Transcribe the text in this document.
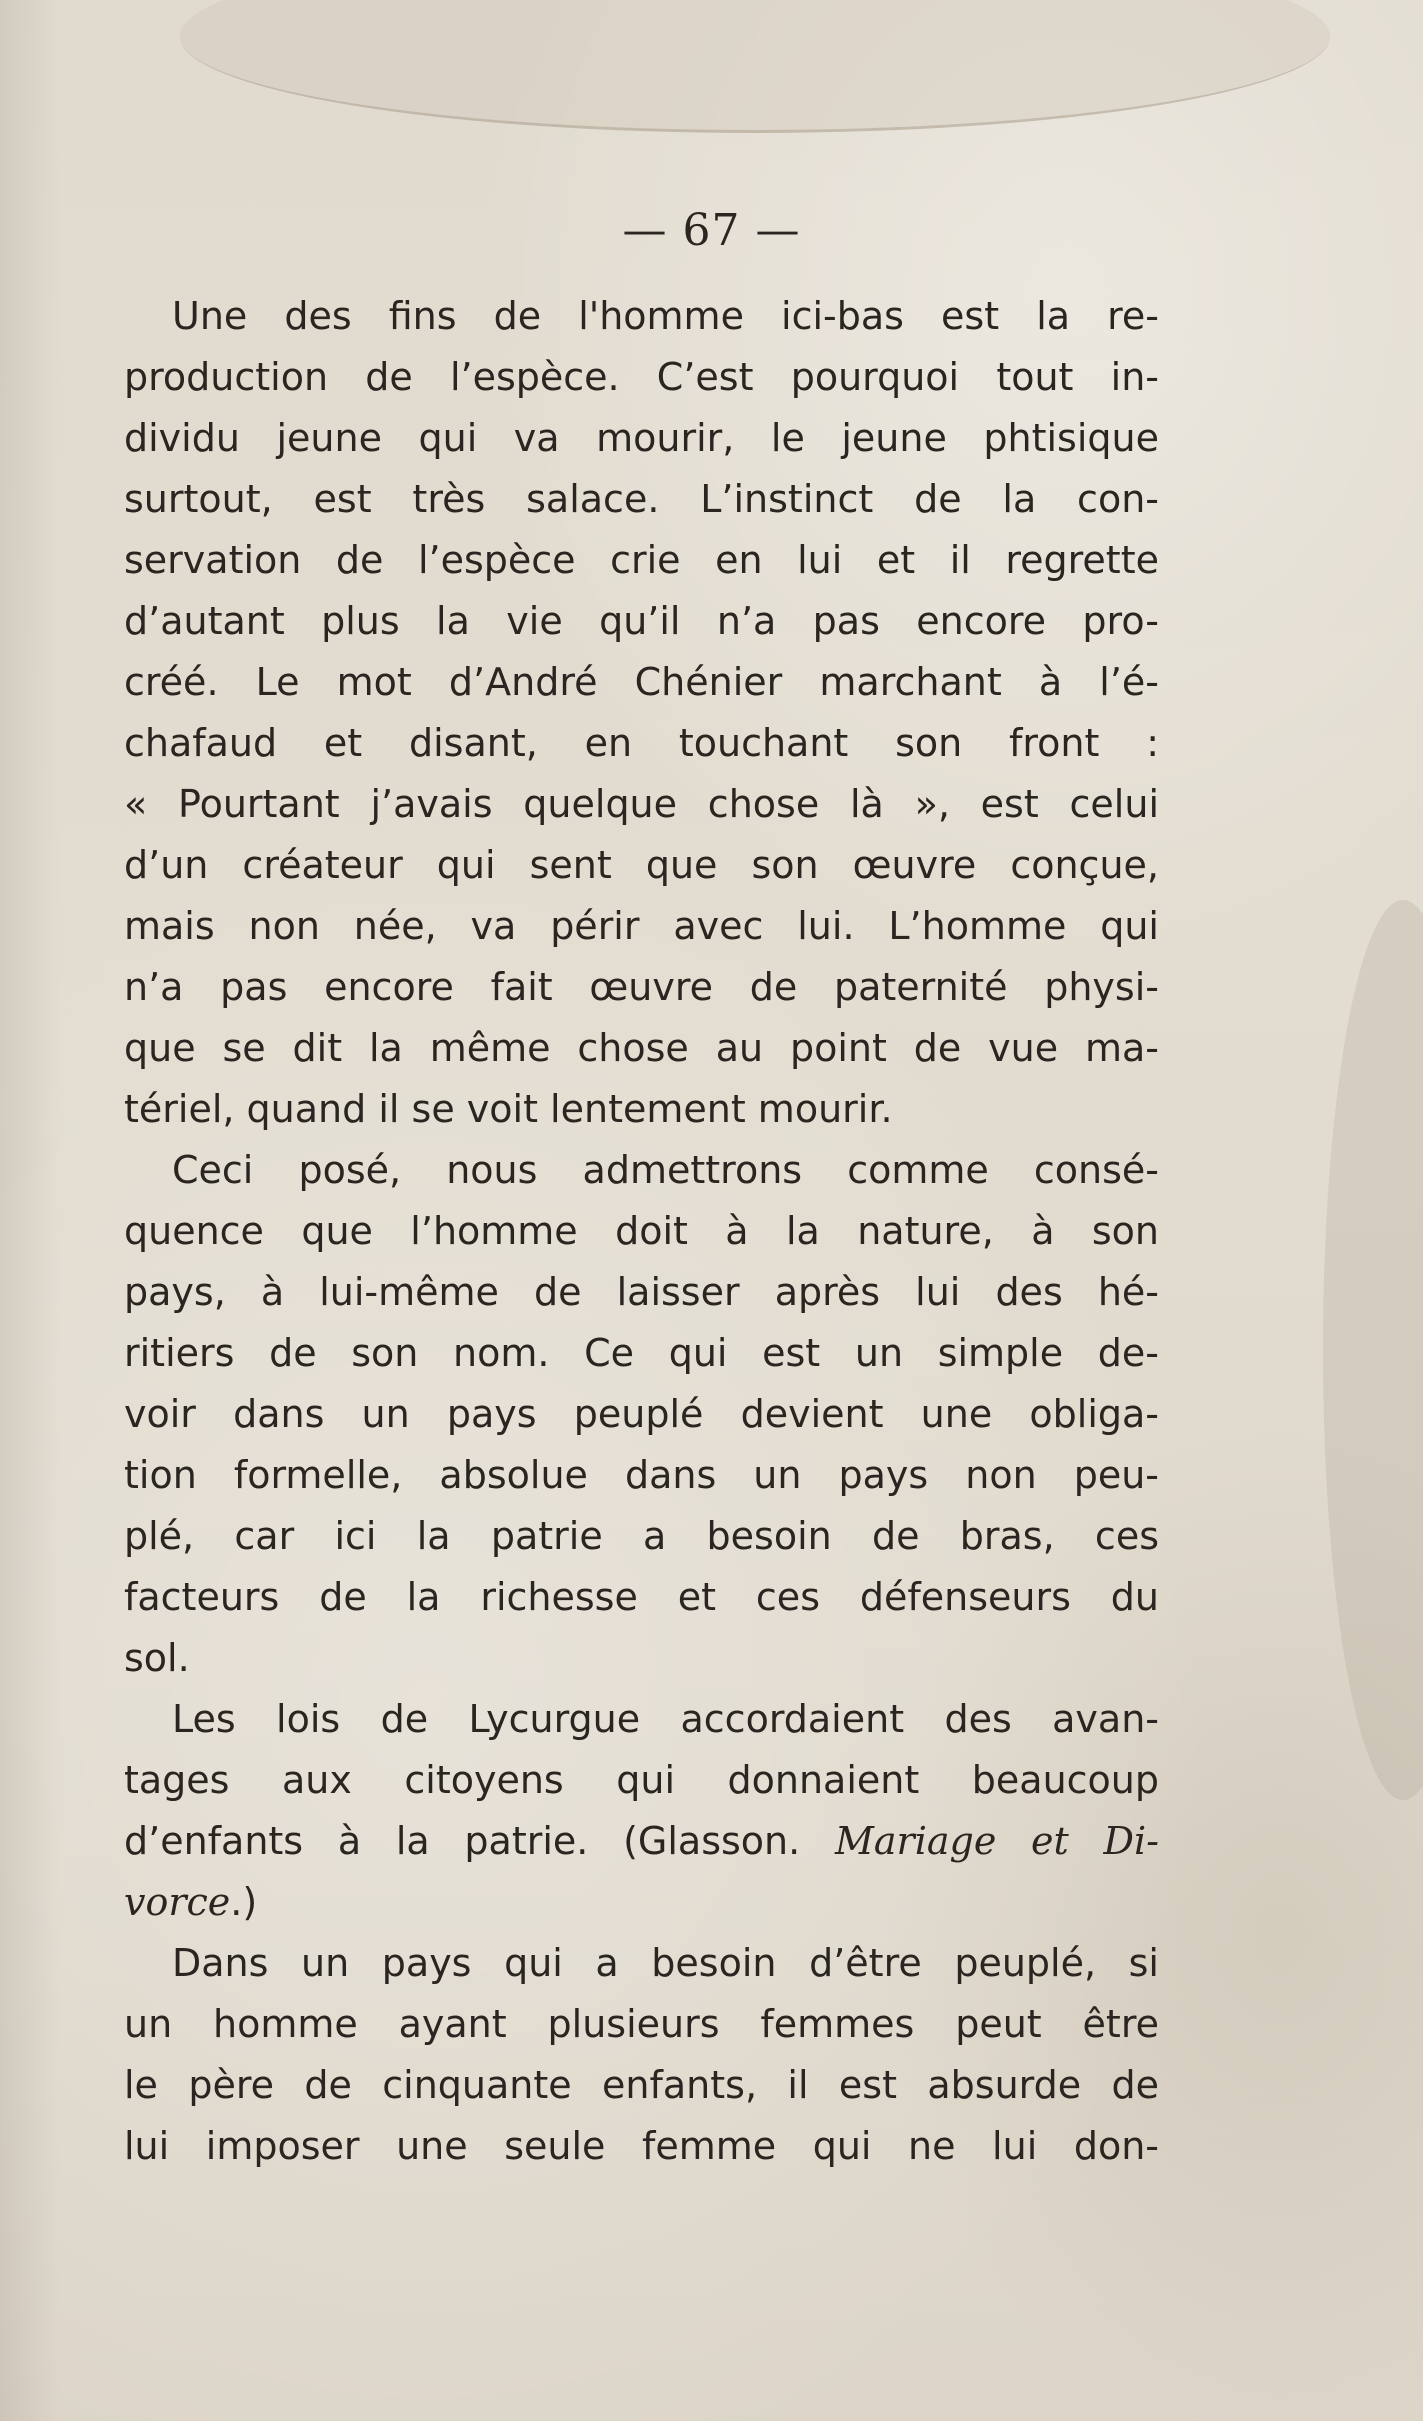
— 67 —
Une des fins de l'homme ici-bas est la re-
production de l’espèce. C’est pourquoi tout in-
dividu jeune qui va mourir, le jeune phtisique
surtout, est très salace. L’instinct de la con-
servation de l’espèce crie en lui et il regrette
d’autant plus la vie qu’il n’a pas encore pro-
créé. Le mot d’André Chénier marchant à l’é-
chafaud et disant, en touchant son front :
« Pourtant j’avais quelque chose là », est celui
d’un créateur qui sent que son œuvre conçue,
mais non née, va périr avec lui. L’homme qui
n’a pas encore fait œuvre de paternité physi-
que se dit la même chose au point de vue ma-
tériel, quand il se voit lentement mourir.
Ceci posé, nous admettrons comme consé-
quence que l’homme doit à la nature, à son
pays, à lui-même de laisser après lui des hé-
ritiers de son nom. Ce qui est un simple de-
voir dans un pays peuplé devient une obliga-
tion formelle, absolue dans un pays non peu-
plé, car ici la patrie a besoin de bras, ces
facteurs de la richesse et ces défenseurs du
sol.
Les lois de Lycurgue accordaient des avan-
tages aux citoyens qui donnaient beaucoup
d’enfants à la patrie. (Glasson. Mariage et Di-
vorce.)
Dans un pays qui a besoin d’être peuplé, si
un homme ayant plusieurs femmes peut être
le père de cinquante enfants, il est absurde de
lui imposer une seule femme qui ne lui don-
